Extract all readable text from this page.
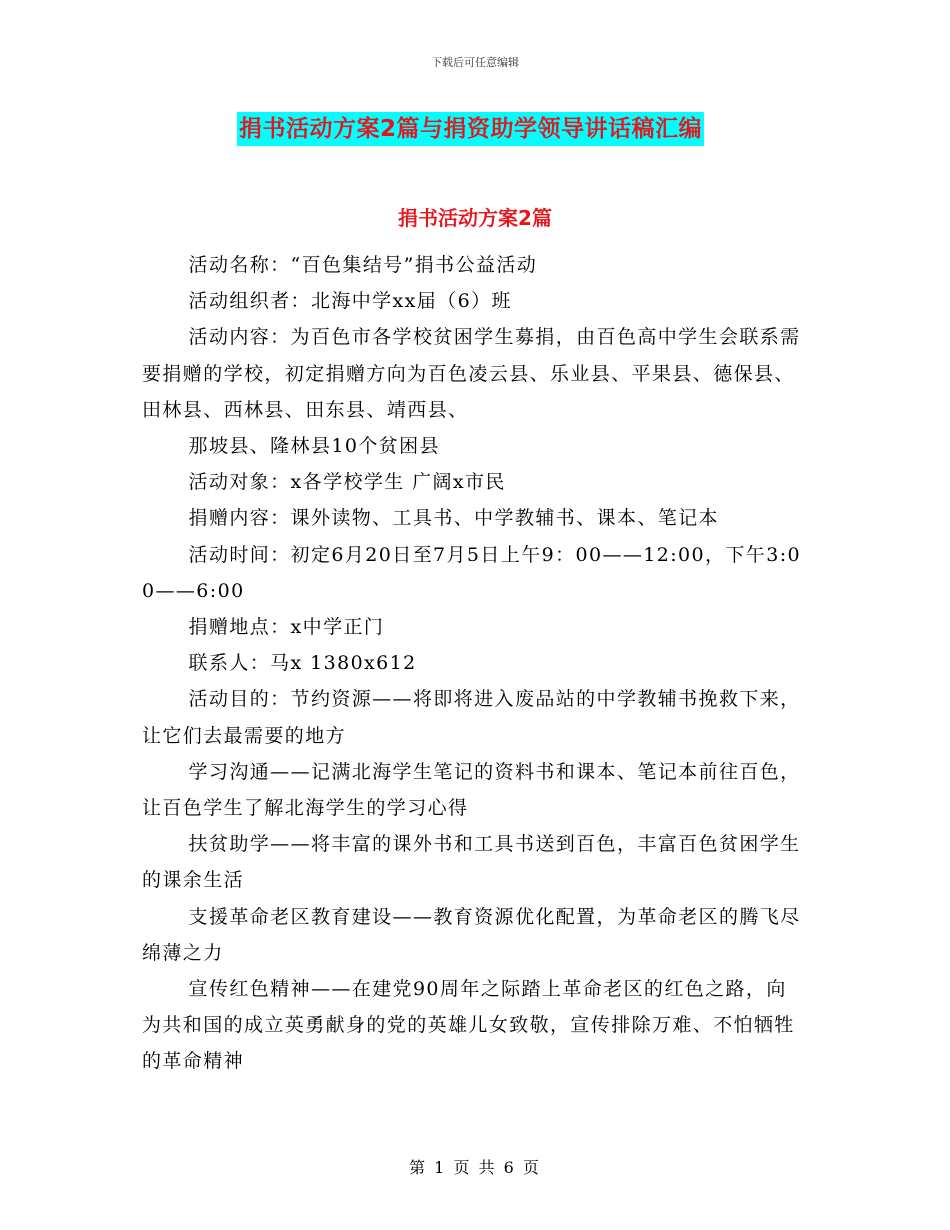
下载后可任意编辑
捐书活动方案2篇与捐资助学领导讲话稿汇编
捐书活动方案2篇

活动名称：“百色集结号”捐书公益活动

活动组织者：北海中学xx届（6）班

活动内容：为百色市各学校贫困学生募捐，由百色高中学生会联系需要捐赠的学校，初定捐赠方向为百色凌云县、乐业县、平果县、德保县、田林县、西林县、田东县、靖西县、

那坡县、隆林县10个贫困县

活动对象：x各学校学生 广阔x市民

捐赠内容：课外读物、工具书、中学教辅书、课本、笔记本

活动时间：初定6月20日至7月5日上午9：00——12:00，下午3:00——6:00

捐赠地点：x中学正门

联系人：马x 1380x612

活动目的：节约资源——将即将进入废品站的中学教辅书挽救下来，让它们去最需要的地方

学习沟通——记满北海学生笔记的资料书和课本、笔记本前往百色，让百色学生了解北海学生的学习心得

扶贫助学——将丰富的课外书和工具书送到百色，丰富百色贫困学生的课余生活

支援革命老区教育建设——教育资源优化配置，为革命老区的腾飞尽绵薄之力

宣传红色精神——在建党90周年之际踏上革命老区的红色之路，向为共和国的成立英勇献身的党的英雄儿女致敬，宣传排除万难、不怕牺牲的革命精神

第 1 页 共 6 页
